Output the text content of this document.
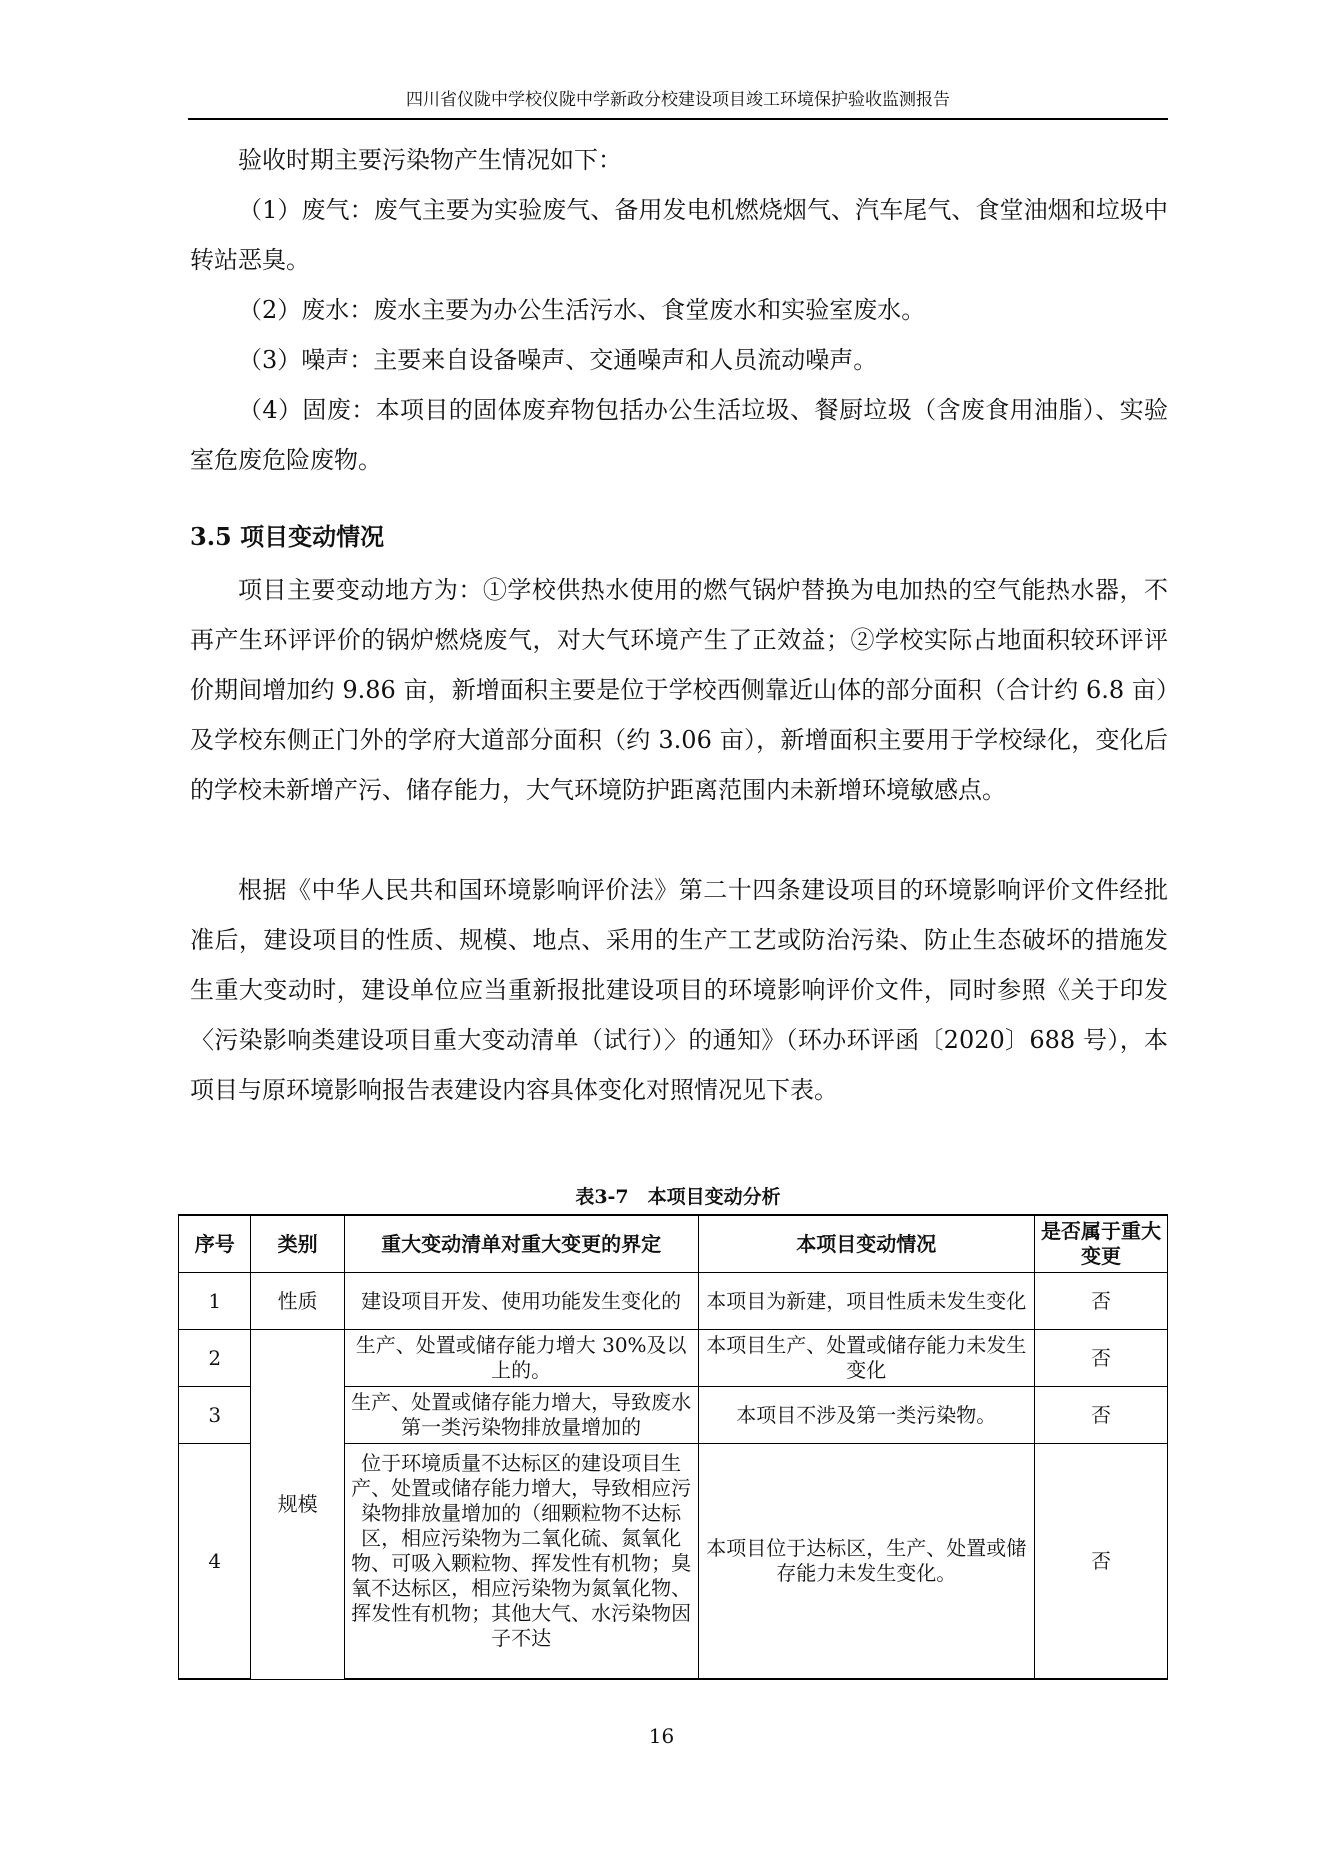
四川省仪陇中学校仪陇中学新政分校建设项目竣工环境保护验收监测报告

验收时期主要污染物产生情况如下：

（1）废气：废气主要为实验废气、备用发电机燃烧烟气、汽车尾气、食堂油烟和垃圾中转站恶臭。

（2）废水：废水主要为办公生活污水、食堂废水和实验室废水。

（3）噪声：主要来自设备噪声、交通噪声和人员流动噪声。

（4）固废：本项目的固体废弃物包括办公生活垃圾、餐厨垃圾（含废食用油脂）、实验室危废危险废物。

3.5 项目变动情况

项目主要变动地方为：①学校供热水使用的燃气锅炉替换为电加热的空气能热水器，不再产生环评评价的锅炉燃烧废气，对大气环境产生了正效益；②学校实际占地面积较环评评价期间增加约 9.86 亩，新增面积主要是位于学校西侧靠近山体的部分面积（合计约 6.8 亩）及学校东侧正门外的学府大道部分面积（约 3.06 亩），新增面积主要用于学校绿化，变化后的学校未新增产污、储存能力，大气环境防护距离范围内未新增环境敏感点。

根据《中华人民共和国环境影响评价法》第二十四条建设项目的环境影响评价文件经批准后，建设项目的性质、规模、地点、采用的生产工艺或防治污染、防止生态破坏的措施发生重大变动时，建设单位应当重新报批建设项目的环境影响评价文件，同时参照《关于印发〈污染影响类建设项目重大变动清单（试行）〉的通知》（环办环评函〔2020〕688 号），本项目与原环境影响报告表建设内容具体变化对照情况见下表。

表3-7　本项目变动分析
序号	类别	重大变动清单对重大变更的界定	本项目变动情况	是否属于重大变更
1	性质	建设项目开发、使用功能发生变化的	本项目为新建，项目性质未发生变化	否
2	规模	生产、处置或储存能力增大 30%及以上的。	本项目生产、处置或储存能力未发生变化	否
3		生产、处置或储存能力增大，导致废水第一类污染物排放量增加的	本项目不涉及第一类污染物。	否
4		位于环境质量不达标区的建设项目生产、处置或储存能力增大，导致相应污染物排放量增加的（细颗粒物不达标区，相应污染物为二氧化硫、氮氧化物、可吸入颗粒物、挥发性有机物；臭氧不达标区，相应污染物为氮氧化物、挥发性有机物；其他大气、水污染物因子不达	本项目位于达标区，生产、处置或储存能力未发生变化。	否
16
